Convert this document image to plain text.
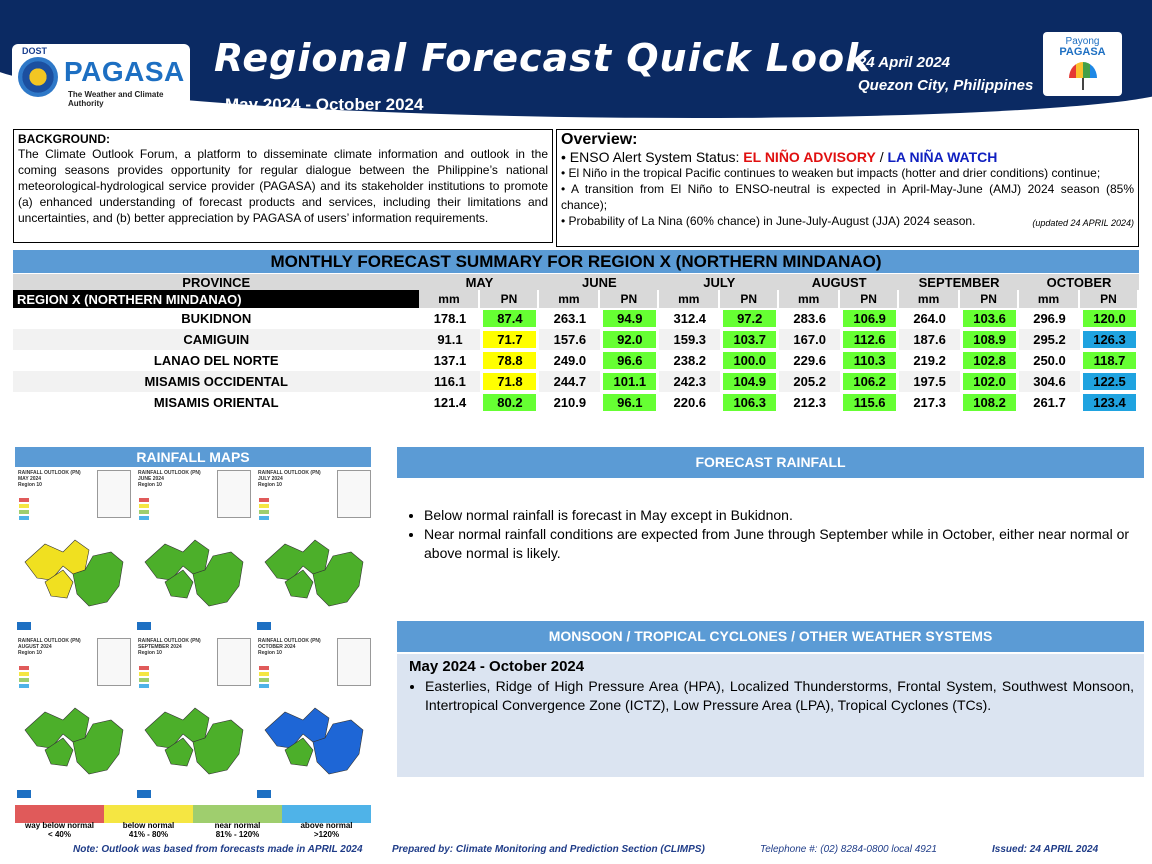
DOST
PAGASA
The Weather and Climate Authority
Regional Forecast Quick Look
May 2024 - October 2024
24 April 2024
Quezon City, Philippines
Payong
PAGASA
BACKGROUND:
The Climate Outlook Forum, a platform to disseminate climate information and outlook in the coming seasons provides opportunity for regular dialogue between the Philippine’s national meteorological-hydrological service provider (PAGASA) and its stakeholder institutions to promote (a) enhanced understanding of forecast products and services, including their limitations and uncertainties, and (b) better appreciation by PAGASA of users’ information requirements.
Overview:
• ENSO Alert System Status: EL NIÑO ADVISORY / LA NIÑA WATCH
• El Niño in the tropical Pacific continues to weaken but impacts (hotter and drier conditions) continue;
• A transition from El Niño to ENSO-neutral is expected in April-May-June (AMJ) 2024 season (85% chance);
• Probability of La Nina (60% chance) in June-July-August (JJA) 2024 season.	(updated 24 APRIL 2024)
MONTHLY FORECAST SUMMARY FOR REGION X (NORTHERN MINDANAO)
PROVINCE	MAY		JUNE		JULY		AUGUST		SEPTEMBER		OCTOBER	
REGION X (NORTHERN MINDANAO)	mm	PN	mm	PN	mm	PN	mm	PN	mm	PN	mm	PN
BUKIDNON	178.1	87.4	263.1	94.9	312.4	97.2	283.6	106.9	264.0	103.6	296.9	120.0

CAMIGUIN	91.1	71.7	157.6	92.0	159.3	103.7	167.0	112.6	187.6	108.9	295.2	126.3

LANAO DEL NORTE	137.1	78.8	249.0	96.6	238.2	100.0	229.6	110.3	219.2	102.8	250.0	118.7

MISAMIS OCCIDENTAL	116.1	71.8	244.7	101.1	242.3	104.9	205.2	106.2	197.5	102.0	304.6	122.5

MISAMIS ORIENTAL	121.4	80.2	210.9	96.1	220.6	106.3	212.3	115.6	217.3	108.2	261.7	123.4
RAINFALL MAPS
RAINFALL OUTLOOK (PN)
MAY 2024
Region 10
RAINFALL OUTLOOK (PN)
JUNE 2024
Region 10
RAINFALL OUTLOOK (PN)
JULY 2024
Region 10
RAINFALL OUTLOOK (PN)
AUGUST 2024
Region 10
RAINFALL OUTLOOK (PN)
SEPTEMBER 2024
Region 10
RAINFALL OUTLOOK (PN)
OCTOBER 2024
Region 10
way below normal
< 40%
below normal
41% - 80%
near normal
81% - 120%
above normal
>120%
FORECAST RAINFALL
• Below normal rainfall is forecast in May except in Bukidnon.
• Near normal rainfall conditions are expected from June through September while in October, either near normal or above normal is likely.
MONSOON / TROPICAL CYCLONES / OTHER WEATHER SYSTEMS
May 2024 - October 2024
• Easterlies, Ridge of High Pressure Area (HPA), Localized Thunderstorms, Frontal System, Southwest Monsoon, Intertropical Convergence Zone (ICTZ), Low Pressure Area (LPA), Tropical Cyclones (TCs).
Note: Outlook was based from forecasts made in APRIL 2024	Prepared by: Climate Monitoring and Prediction Section (CLIMPS)	Telephone #: (02) 8284-0800 local 4921	Issued: 24 APRIL 2024
